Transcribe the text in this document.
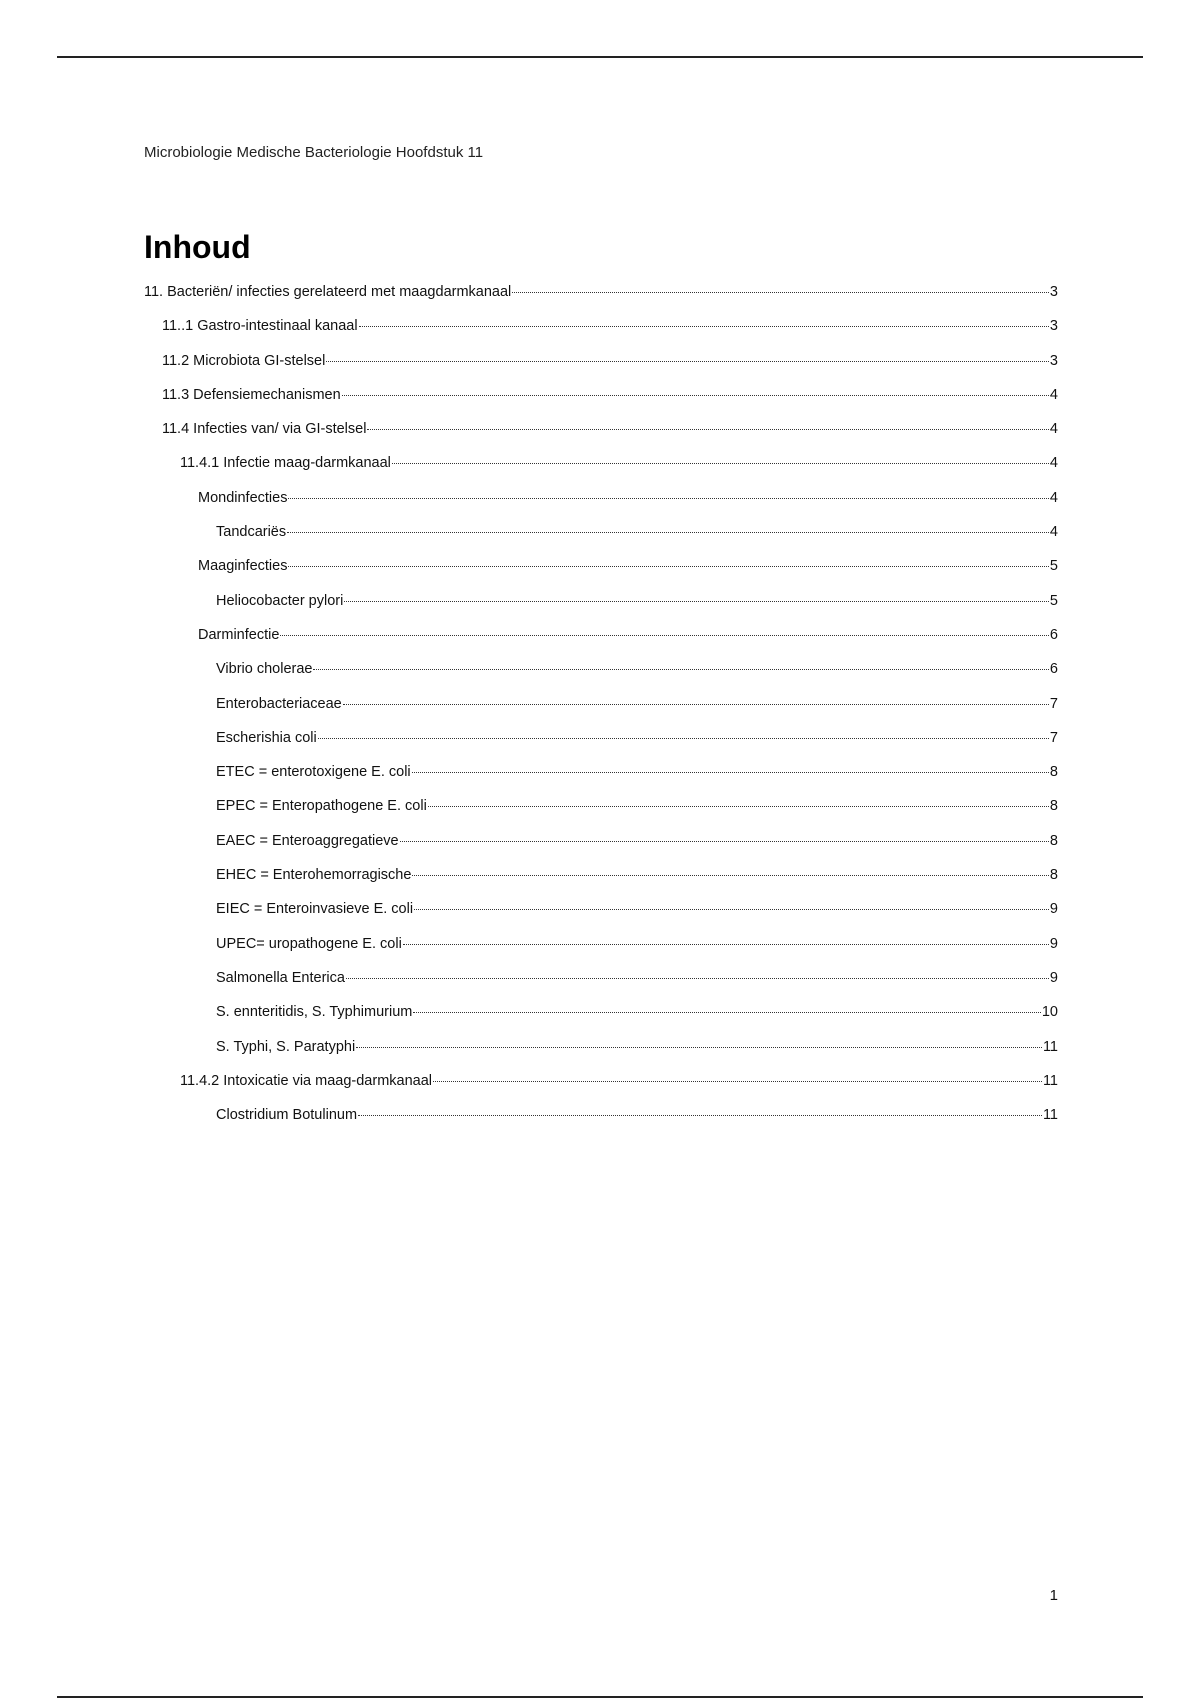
Microbiologie Medische Bacteriologie Hoofdstuk 11
Inhoud
11. Bacteriën/ infecties gerelateerd met maagdarmkanaal	3
11..1 Gastro-intestinaal kanaal	3
11.2 Microbiota GI-stelsel	3
11.3 Defensiemechanismen	4
11.4 Infecties van/ via GI-stelsel	4
11.4.1 Infectie maag-darmkanaal	4
Mondinfecties	4
Tandcariës	4
Maaginfecties	5
Heliocobacter pylori	5
Darminfectie	6
Vibrio cholerae	6
Enterobacteriaceae	7
Escherishia coli	7
ETEC = enterotoxigene E. coli	8
EPEC = Enteropathogene E. coli	8
EAEC = Enteroaggregatieve	8
EHEC = Enterohemorragische	8
EIEC = Enteroinvasieve E. coli	9
UPEC= uropathogene E. coli	9
Salmonella Enterica	9
S. ennteritidis, S. Typhimurium	10
S. Typhi, S. Paratyphi	11
11.4.2 Intoxicatie via maag-darmkanaal	11
Clostridium Botulinum	11
1
